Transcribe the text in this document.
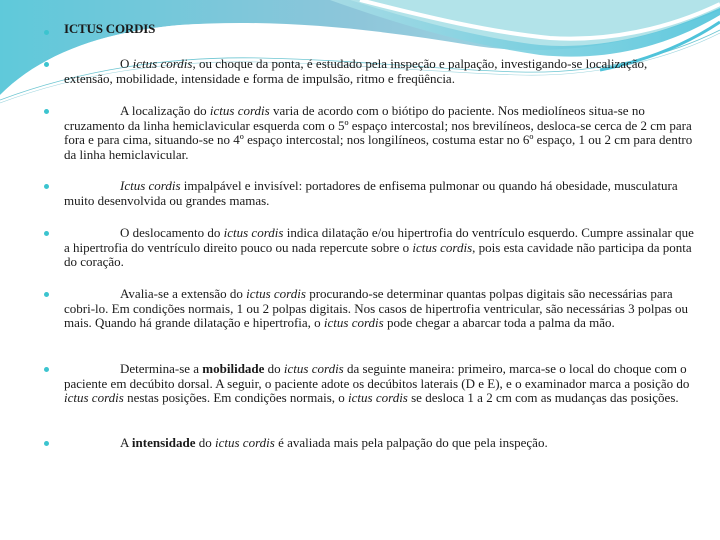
ICTUS CORDIS
O ictus cordis, ou choque da ponta, é estudado pela inspeção e palpação, investigando-se localização, extensão, mobilidade, intensidade e forma de impulsão, ritmo e freqüência.
A localização do ictus cordis varia de acordo com o biótipo do paciente. Nos mediolíneos situa-se no cruzamento da linha hemiclavicular esquerda com o 5º espaço intercostal; nos brevilíneos, desloca-se cerca de 2 cm para fora e para cima, situando-se no 4º espaço intercostal; nos longilíneos, costuma estar no 6º espaço, 1 ou 2 cm para dentro da linha hemiclavicular.
Ictus cordis impalpável e invisível: portadores de enfisema pulmonar ou quando há obesidade, musculatura muito desenvolvida ou grandes mamas.
O deslocamento do ictus cordis indica dilatação e/ou hipertrofia do ventrículo esquerdo. Cumpre assinalar que a hipertrofia do ventrículo direito pouco ou nada repercute sobre o ictus cordis, pois esta cavidade não participa da ponta do coração.
Avalia-se a extensão do ictus cordis procurando-se determinar quantas polpas digitais são necessárias para cobri-lo. Em condições normais, 1 ou 2 polpas digitais. Nos casos de hipertrofia ventricular, são necessárias 3 polpas ou mais. Quando há grande dilatação e hipertrofia, o ictus cordis pode chegar a abarcar toda a palma da mão.
Determina-se a mobilidade do ictus cordis da seguinte maneira: primeiro, marca-se o local do choque com o paciente em decúbito dorsal. A seguir, o paciente adote os decúbitos laterais (D e E), e o examinador marca a posição do ictus cordis nestas posições. Em condições normais, o ictus cordis se desloca 1 a 2 cm com as mudanças das posições.
A intensidade do ictus cordis é avaliada mais pela palpação do que pela inspeção.
